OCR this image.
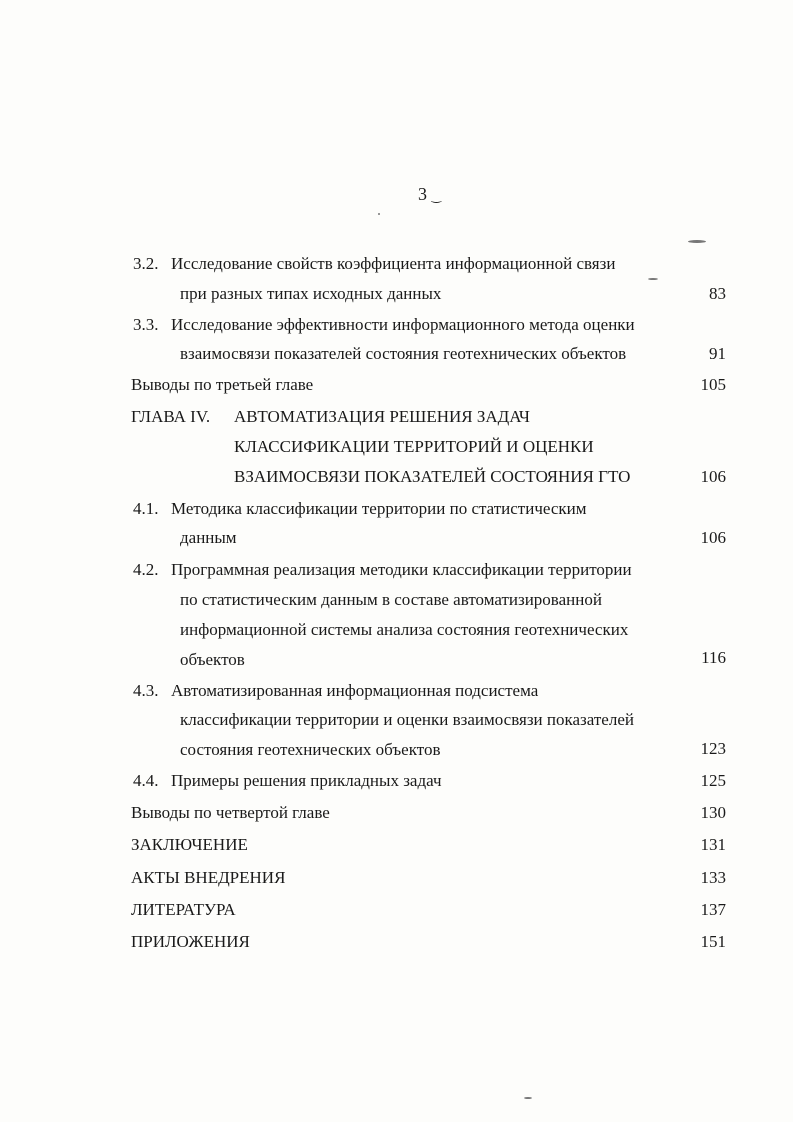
3 ‿
3.2. Исследование свойств коэффициента информационной связи
при разных типах исходных данных	83
3.3. Исследование эффективности информационного метода оценки
взаимосвязи показателей состояния геотехнических объектов	91
Выводы по третьей главе	105
ГЛАВА IV. АВТОМАТИЗАЦИЯ РЕШЕНИЯ ЗАДАЧ
КЛАССИФИКАЦИИ ТЕРРИТОРИЙ И ОЦЕНКИ
ВЗАИМОСВЯЗИ ПОКАЗАТЕЛЕЙ СОСТОЯНИЯ ГТО	106
4.1. Методика классификации территории по статистическим
данным	106
4.2. Программная реализация методики классификации территории
по статистическим данным в составе автоматизированной
информационной системы анализа состояния геотехнических
объектов	116
4.3. Автоматизированная информационная подсистема
классификации территории и оценки взаимосвязи показателей
состояния геотехнических объектов	123
4.4. Примеры решения прикладных задач	125
Выводы по четвертой главе	130
ЗАКЛЮЧЕНИЕ	131
АКТЫ ВНЕДРЕНИЯ	133
ЛИТЕРАТУРА	137
ПРИЛОЖЕНИЯ	151
